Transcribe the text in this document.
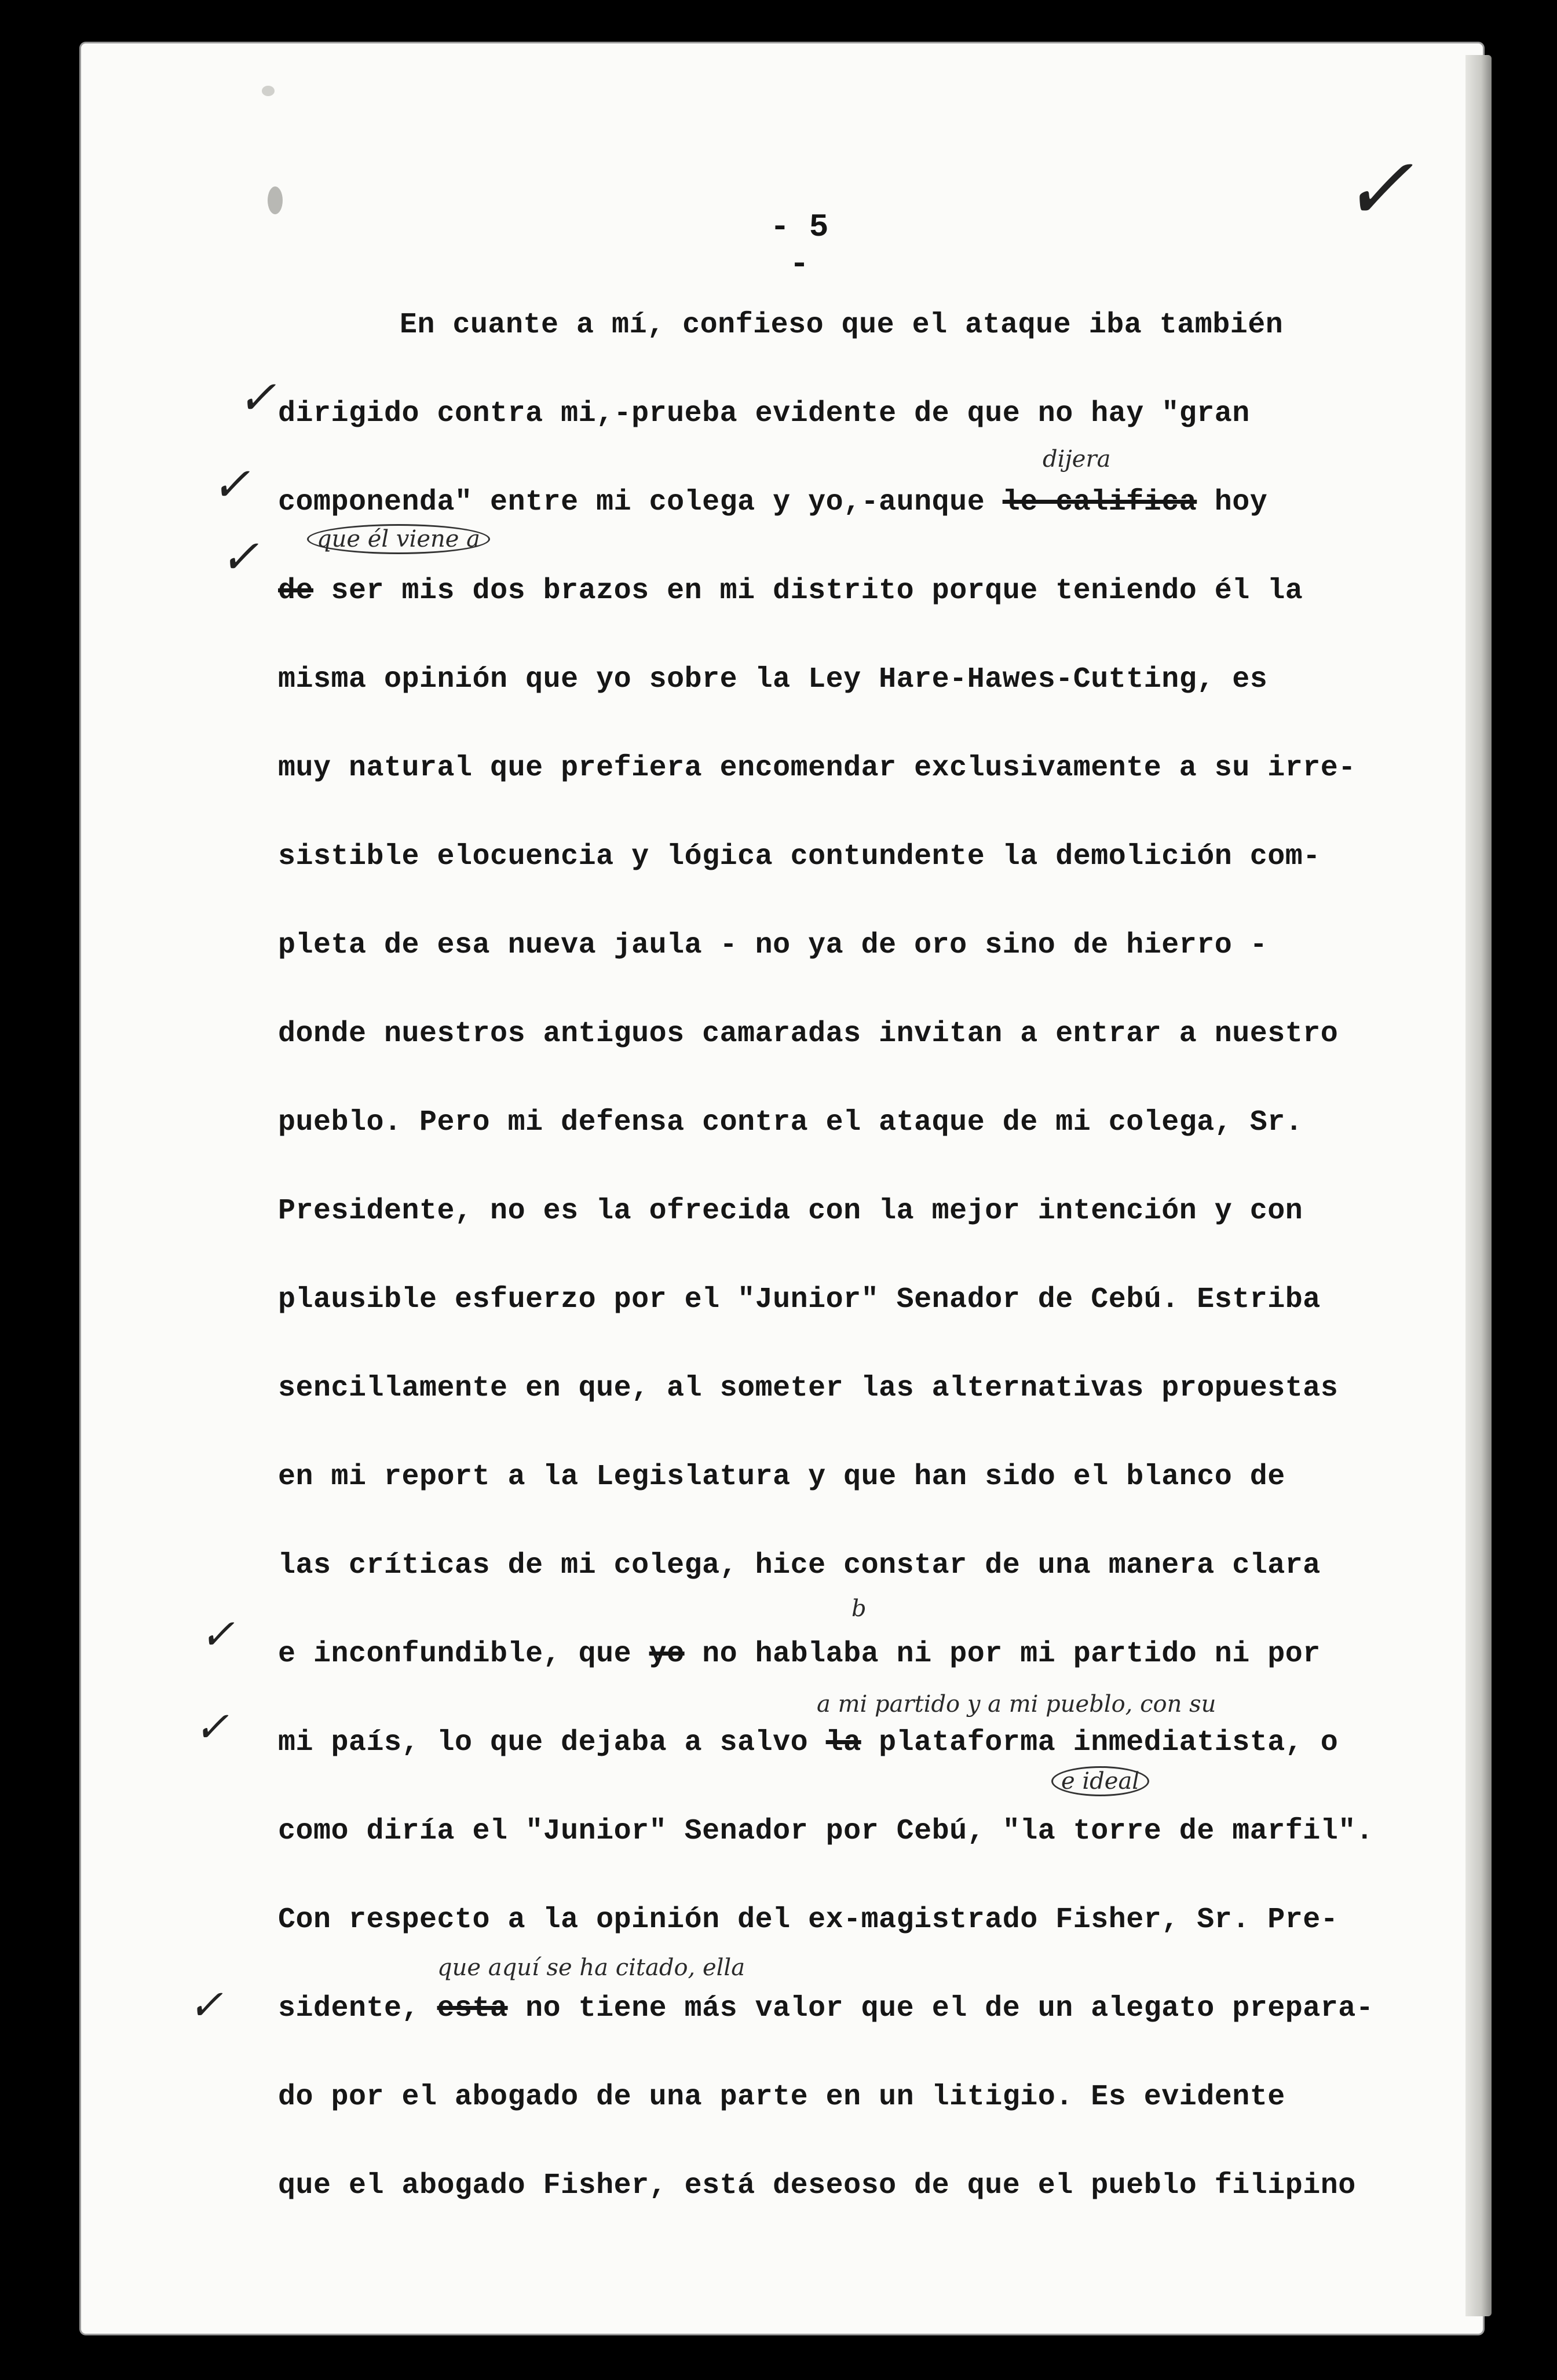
- 5 -
En cuante a mí, confieso que el ataque iba también
dirigido contra mi,-prueba evidente de que no hay "gran
componenda" entre mi colega y yo,-aunque le califica hoy
de ser mis dos brazos en mi distrito porque teniendo él la
misma opinión que yo sobre la Ley Hare-Hawes-Cutting, es
muy natural que prefiera encomendar exclusivamente a su irre-
sistible elocuencia y lógica contundente la demolición com-
pleta de esa nueva jaula - no ya de oro sino de hierro -
donde nuestros antiguos camaradas invitan a entrar a nuestro
pueblo. Pero mi defensa contra el ataque de mi colega, Sr.
Presidente, no es la ofrecida con la mejor intención y con
plausible esfuerzo por el "Junior" Senador de Cebú. Estriba
sencillamente en que, al someter las alternativas propuestas
en mi report a la Legislatura y que han sido el blanco de
las críticas de mi colega, hice constar de una manera clara
e inconfundible, que yo no hablaba ni por mi partido ni por
mi país, lo que dejaba a salvo la plataforma inmediatista, o
como diría el "Junior" Senador por Cebú, "la torre de marfil".
Con respecto a la opinión del ex-magistrado Fisher, Sr. Pre-
sidente, esta no tiene más valor que el de un alegato prepara-
do por el abogado de una parte en un litigio. Es evidente
que el abogado Fisher, está deseoso de que el pueblo filipino
✓
✓
✓
✓
✓
✓
✓
dijera
que él viene a
b
a mi partido y a mi pueblo, con su
e ideal
que aquí se ha citado, ella
